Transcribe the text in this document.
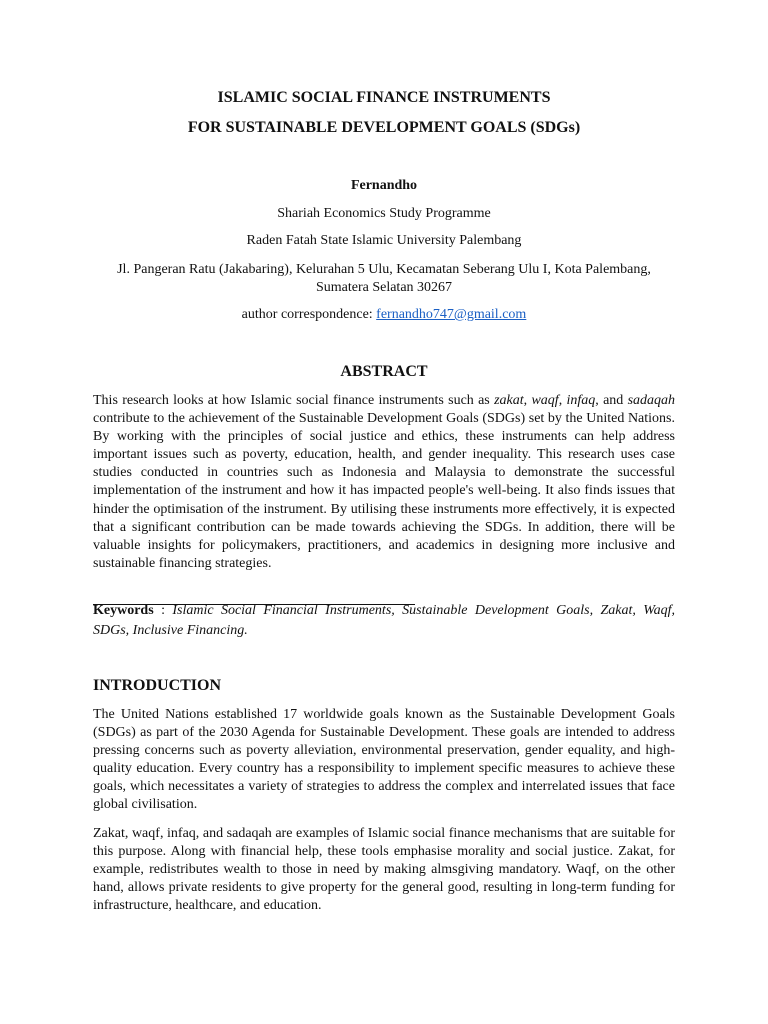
ISLAMIC SOCIAL FINANCE INSTRUMENTS
FOR SUSTAINABLE DEVELOPMENT GOALS (SDGs)
Fernandho
Shariah Economics Study Programme
Raden Fatah State Islamic University Palembang
Jl. Pangeran Ratu (Jakabaring), Kelurahan 5 Ulu, Kecamatan Seberang Ulu I, Kota Palembang, Sumatera Selatan 30267
author correspondence: fernandho747@gmail.com
ABSTRACT

This research looks at how Islamic social finance instruments such as zakat, waqf, infaq, and sadaqah contribute to the achievement of the Sustainable Development Goals (SDGs) set by the United Nations. By working with the principles of social justice and ethics, these instruments can help address important issues such as poverty, education, health, and gender inequality. This research uses case studies conducted in countries such as Indonesia and Malaysia to demonstrate the successful implementation of the instrument and how it has impacted people's well-being. It also finds issues that hinder the optimisation of the instrument. By utilising these instruments more effectively, it is expected that a significant contribution can be made towards achieving the SDGs. In addition, there will be valuable insights for policymakers, practitioners, and academics in designing more inclusive and sustainable financing strategies.

Keywords : Islamic Social Financial Instruments, Sustainable Development Goals, Zakat, Waqf, SDGs, Inclusive Financing.

INTRODUCTION

The United Nations established 17 worldwide goals known as the Sustainable Development Goals (SDGs) as part of the 2030 Agenda for Sustainable Development. These goals are intended to address pressing concerns such as poverty alleviation, environmental preservation, gender equality, and high-quality education. Every country has a responsibility to implement specific measures to achieve these goals, which necessitates a variety of strategies to address the complex and interrelated issues that face global civilisation.

Zakat, waqf, infaq, and sadaqah are examples of Islamic social finance mechanisms that are suitable for this purpose. Along with financial help, these tools emphasise morality and social justice. Zakat, for example, redistributes wealth to those in need by making almsgiving mandatory. Waqf, on the other hand, allows private residents to give property for the general good, resulting in long-term funding for infrastructure, healthcare, and education.
